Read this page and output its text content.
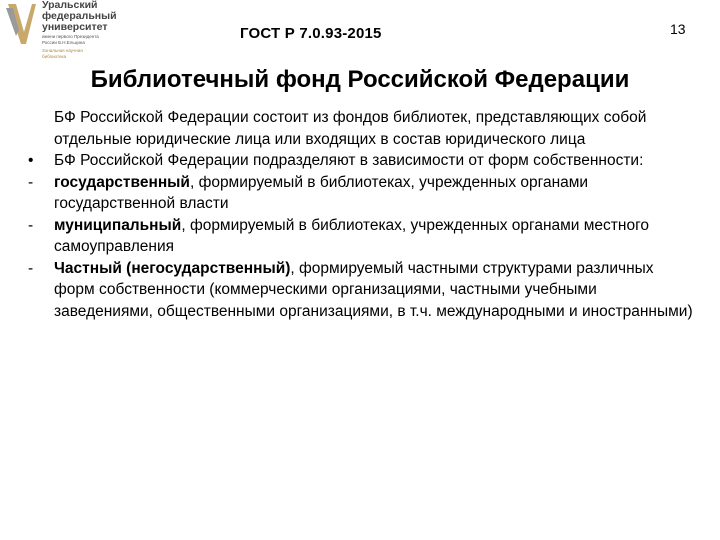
Уральский
федеральный
университет
имени первого Президента
России Б.Н.Ельцина
Зональная научная
библиотека
ГОСТ Р 7.0.93-2015	13
Библиотечный фонд Российской Федерации
БФ Российской Федерации состоит из фондов библиотек, представляющих собой отдельные юридические лица или входящих в состав юридического лица
•	БФ Российской Федерации подразделяют в зависимости от форм собственности:
-	государственный, формируемый в библиотеках, учрежденных органами государственной власти
-	муниципальный, формируемый в библиотеках, учрежденных органами местного самоуправления
-	Частный (негосударственный), формируемый частными структурами различных форм собственности (коммерческими организациями, частными учебными заведениями, общественными организациями, в т.ч. международными и иностранными)
